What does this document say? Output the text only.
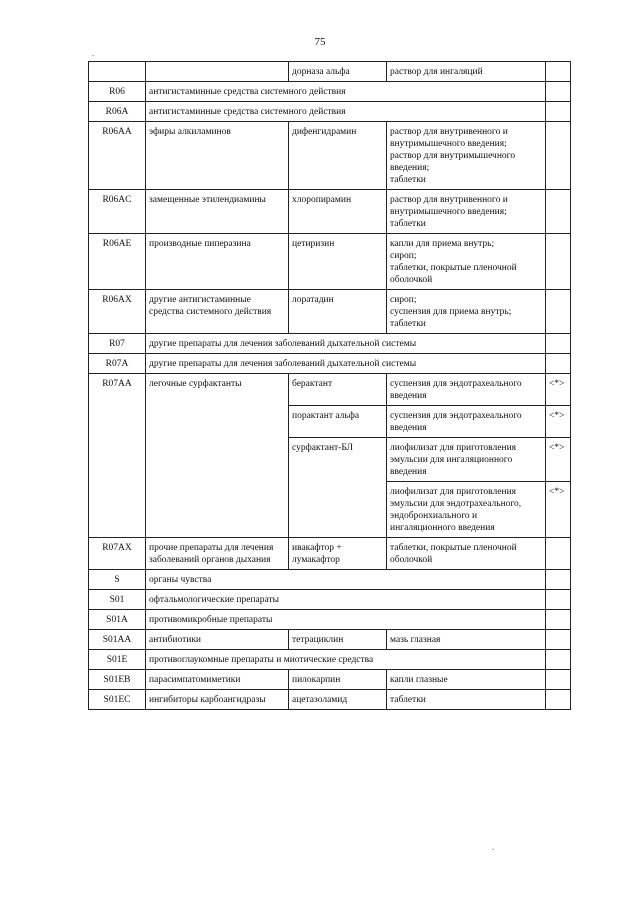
75
		дорназа альфа	раствор для ингаляций	
R06	антигистаминные средства системного действия			
R06A	антигистаминные средства системного действия			
R06AA	эфиры алкиламинов	дифенгидрамин	раствор для внутривенного и внутримышечного введения;
раствор для внутримышечного введения;
таблетки	
R06AC	замещенные этилендиамины	хлоропирамин	раствор для внутривенного и внутримышечного введения;
таблетки	
R06AE	производные пиперазина	цетиризин	капли для приема внутрь;
сироп;
таблетки, покрытые пленочной оболочкой	
R06AX	другие антигистаминные средства системного действия	лоратадин	сироп;
суспензия для приема внутрь;
таблетки	
R07	другие препараты для лечения заболеваний дыхательной системы			
R07A	другие препараты для лечения заболеваний дыхательной системы			
R07AA	легочные сурфактанты	берактант	суспензия для эндотрахеального введения	<*>
		порактант альфа	суспензия для эндотрахеального введения	<*>
		сурфактант-БЛ	лиофилизат для приготовления эмульсии для ингаляционного введения	<*>
			лиофилизат для приготовления эмульсии для эндотрахеального, эндобронхиального и ингаляционного введения	<*>
R07AX	прочие препараты для лечения заболеваний органов дыхания	ивакафтор + лумакафтор	таблетки, покрытые пленочной оболочкой	
S	органы чувства			
S01	офтальмологические препараты			
S01A	противомикробные препараты			
S01AA	антибиотики	тетрациклин	мазь глазная	
S01E	противоглаукомные препараты и миотические средства			
S01EB	парасимпатомиметики	пилокарпин	капли глазные	
S01EC	ингибиторы карбоангидразы	ацетазоламид	таблетки	
.
.
